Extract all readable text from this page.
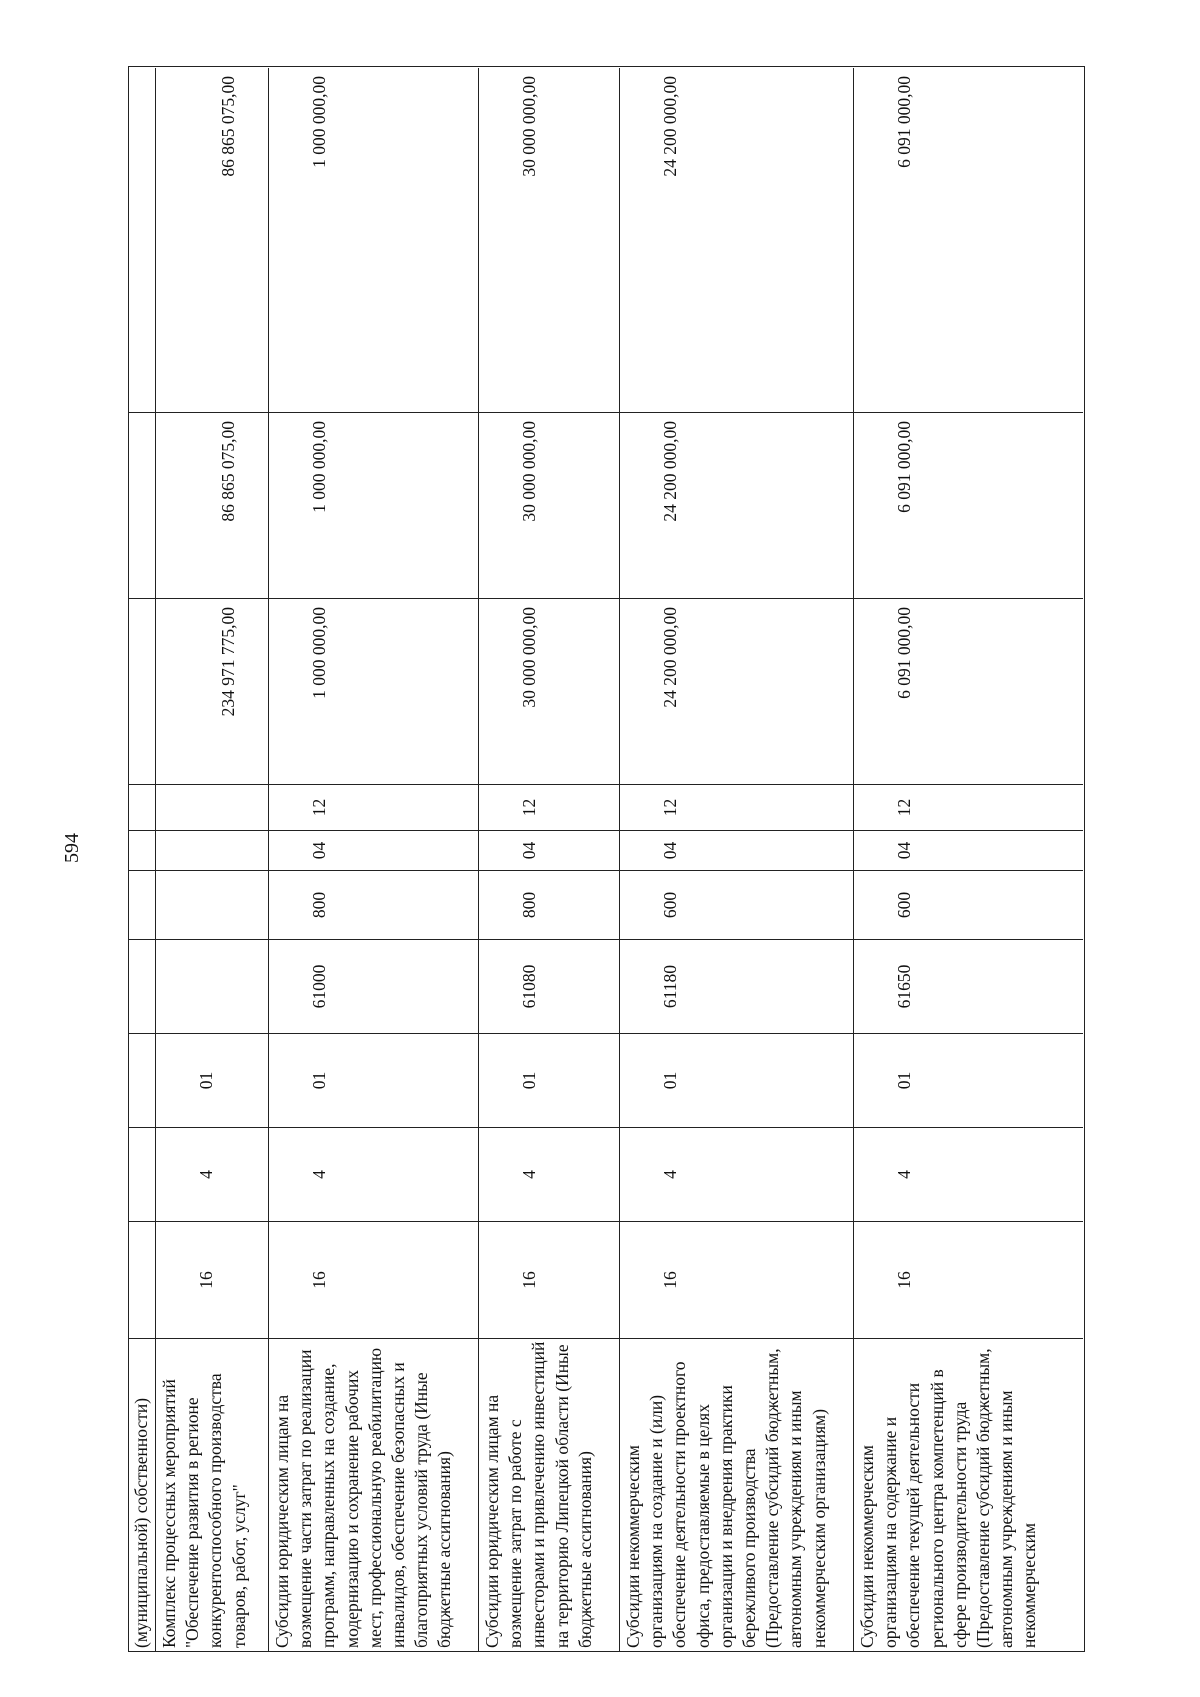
594
(муниципальной) собственности) Комплекс процессных мероприятий "Обеспечение развития в регионе конкурентоспособного производства товаров, работ, услуг"
16
4
01
234 971 775,00
86 865 075,00
86 865 075,00
Субсидии юридическим лицам на возмещение части затрат по реализации программ, направленных на создание, модернизацию и сохранение рабочих мест, профессиональную реабилитацию инвалидов, обеспечение безопасных и благоприятных условий труда (Иные бюджетные ассигнования)
16
4
01
61000
800
04
12
1 000 000,00
1 000 000,00
1 000 000,00
Субсидии юридическим лицам на возмещение затрат по работе с инвесторами и привлечению инвестиций на территорию Липецкой области (Иные бюджетные ассигнования)
16
4
01
61080
800
04
12
30 000 000,00
30 000 000,00
30 000 000,00
Субсидии некоммерческим организациям на создание и (или) обеспечение деятельности проектного офиса, предоставляемые в целях организации и внедрения практики бережливого производства (Предоставление субсидий бюджетным, автономным учреждениям и иным некоммерческим организациям)
16
4
01
61180
600
04
12
24 200 000,00
24 200 000,00
24 200 000,00
Субсидии некоммерческим организациям на содержание и обеспечение текущей деятельности регионального центра компетенций в сфере производительности труда (Предоставление субсидий бюджетным, автономным учреждениям и иным некоммерческим
16
4
01
61650
600
04
12
6 091 000,00
6 091 000,00
6 091 000,00
